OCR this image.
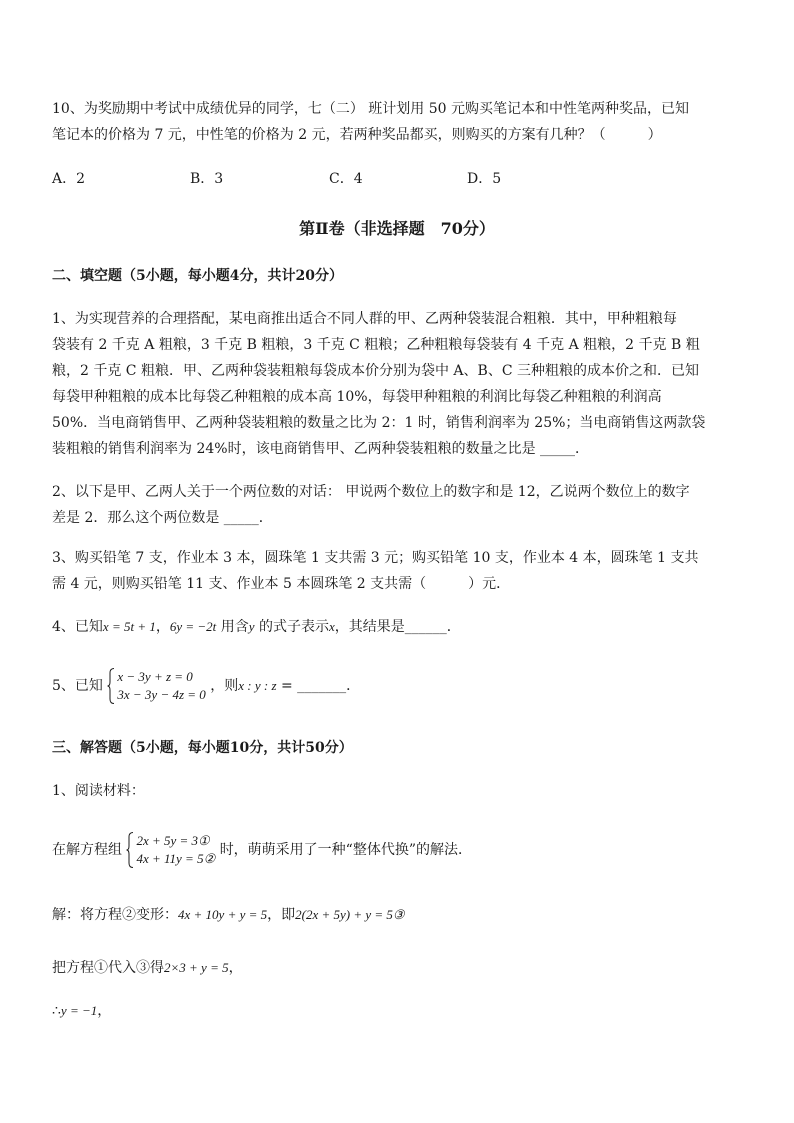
10、为奖励期中考试中成绩优异的同学，七（二） 班计划用 50 元购买笔记本和中性笔两种奖品，已知
笔记本的价格为 7 元，中性笔的价格为 2 元，若两种奖品都买，则购买的方案有几种？（　　　）
A．2	B．3	C．4	D．5
第Ⅱ卷（非选择题　70分）
二、填空题（5小题，每小题4分，共计20分）
1、为实现营养的合理搭配，某电商推出适合不同人群的甲、乙两种袋装混合粗粮．其中，甲种粗粮每
袋装有 2 千克 A 粗粮，3 千克 B 粗粮，3 千克 C 粗粮；乙种粗粮每袋装有 4 千克 A 粗粮，2 千克 B 粗
粮，2 千克 C 粗粮．甲、乙两种袋装粗粮每袋成本价分别为袋中 A、B、C 三种粗粮的成本价之和．已知
每袋甲种粗粮的成本比每袋乙种粗粮的成本高 10%，每袋甲种粗粮的利润比每袋乙种粗粮的利润高
50%．当电商销售甲、乙两种袋装粗粮的数量之比为 2：1 时，销售利润率为 25%；当电商销售这两款袋
装粗粮的销售利润率为 24%时，该电商销售甲、乙两种袋装粗粮的数量之比是 _____．
2、以下是甲、乙两人关于一个两位数的对话： 甲说两个数位上的数字和是 12，乙说两个数位上的数字
差是 2．那么这个两位数是 _____．
3、购买铅笔 7 支，作业本 3 本，圆珠笔 1 支共需 3 元；购买铅笔 10 支，作业本 4 本，圆珠笔 1 支共
需 4 元，则购买铅笔 11 支、作业本 5 本圆珠笔 2 支共需（　　　）元．
4、已知x = 5t + 1，6y = −2t 用含y 的式子表示x，其结果是______．
5、已知
x − 3y + z = 0
3x − 3y − 4z = 0
，则x : y : z = _______．
三、解答题（5小题，每小题10分，共计50分）
1、阅读材料：
在解方程组
2x + 5y = 3①
4x + 11y = 5②
时，萌萌采用了一种“整体代换”的解法．
解：将方程②变形：4x + 10y + y = 5，即2(2x + 5y) + y = 5③
把方程①代入③得2×3 + y = 5，
∴y = −1，
